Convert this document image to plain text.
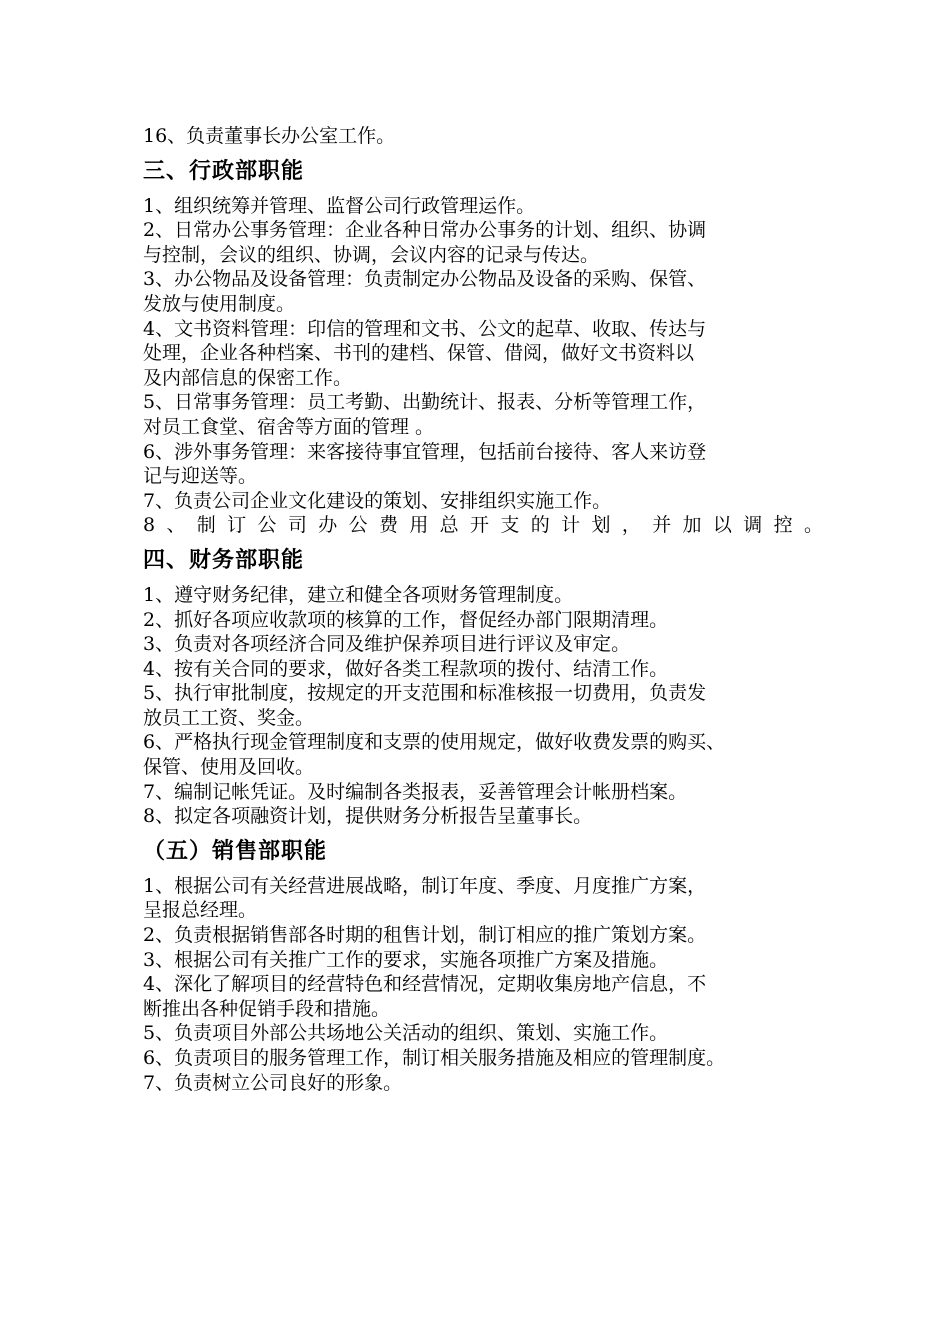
16、负责董事长办公室工作。
三、行政部职能
1、组织统筹并管理、监督公司行政管理运作。
2、日常办公事务管理：企业各种日常办公事务的计划、组织、协调
与控制，会议的组织、协调，会议内容的记录与传达。
3、办公物品及设备管理：负责制定办公物品及设备的采购、保管、
发放与使用制度。
4、文书资料管理：印信的管理和文书、公文的起草、收取、传达与
处理，企业各种档案、书刊的建档、保管、借阅，做好文书资料以
及内部信息的保密工作。
5、日常事务管理：员工考勤、出勤统计、报表、分析等管理工作，
对员工食堂、宿舍等方面的管理 。
6、涉外事务管理：来客接待事宜管理，包括前台接待、客人来访登
记与迎送等。
7、负责公司企业文化建设的策划、安排组织实施工作。
8、制订公司办公费用总开支的计划，并加以调控。
四、财务部职能
1、遵守财务纪律，建立和健全各项财务管理制度。
2、抓好各项应收款项的核算的工作，督促经办部门限期清理。
3、负责对各项经济合同及维护保养项目进行评议及审定。
4、按有关合同的要求，做好各类工程款项的拨付、结清工作。
5、执行审批制度，按规定的开支范围和标准核报一切费用，负责发
放员工工资、奖金。
6、严格执行现金管理制度和支票的使用规定，做好收费发票的购买、
保管、使用及回收。
7、编制记帐凭证。及时编制各类报表，妥善管理会计帐册档案。
8、拟定各项融资计划，提供财务分析报告呈董事长。
（五）销售部职能
1、根据公司有关经营进展战略，制订年度、季度、月度推广方案，
呈报总经理。
2、负责根据销售部各时期的租售计划，制订相应的推广策划方案。
3、根据公司有关推广工作的要求，实施各项推广方案及措施。
4、深化了解项目的经营特色和经营情况，定期收集房地产信息，不
断推出各种促销手段和措施。
5、负责项目外部公共场地公关活动的组织、策划、实施工作。
6、负责项目的服务管理工作，制订相关服务措施及相应的管理制度。
7、负责树立公司良好的形象。
